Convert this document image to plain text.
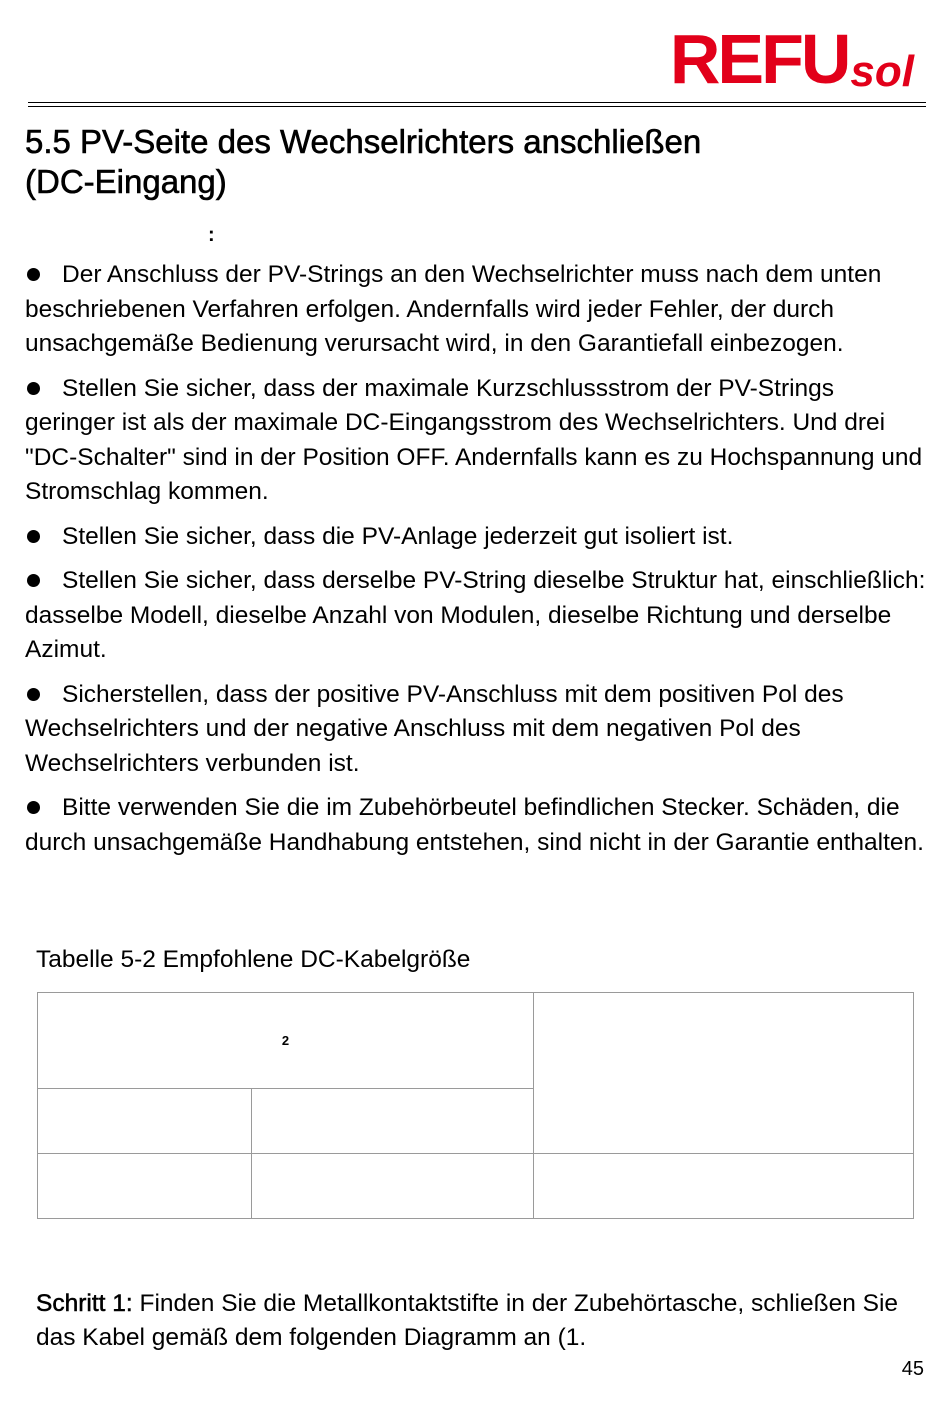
REFU sol
5.5 PV-Seite des Wechselrichters anschließen
(DC-Eingang)
:

Der Anschluss der PV-Strings an den Wechselrichter muss nach dem unten beschriebenen Verfahren erfolgen. Andernfalls wird jeder Fehler, der durch unsachgemäße Bedienung verursacht wird, in den Garantiefall einbezogen.

Stellen Sie sicher, dass der maximale Kurzschlussstrom der PV-Strings geringer ist als der maximale DC-Eingangsstrom des Wechselrichters. Und drei "DC-Schalter" sind in der Position OFF. Andernfalls kann es zu Hochspannung und Stromschlag kommen.

Stellen Sie sicher, dass die PV-Anlage jederzeit gut isoliert ist.

Stellen Sie sicher, dass derselbe PV-String dieselbe Struktur hat, einschließlich: dasselbe Modell, dieselbe Anzahl von Modulen, dieselbe Richtung und derselbe Azimut.

Sicherstellen, dass der positive PV-Anschluss mit dem positiven Pol des Wechselrichters und der negative Anschluss mit dem negativen Pol des Wechselrichters verbunden ist.

Bitte verwenden Sie die im Zubehörbeutel befindlichen Stecker. Schäden, die durch unsachgemäße Handhabung entstehen, sind nicht in der Garantie enthalten.

Tabelle 5-2 Empfohlene DC-Kabelgröße
2		

Schritt 1: Finden Sie die Metallkontaktstifte in der Zubehörtasche, schließen Sie das Kabel gemäß dem folgenden Diagramm an (1.

45
